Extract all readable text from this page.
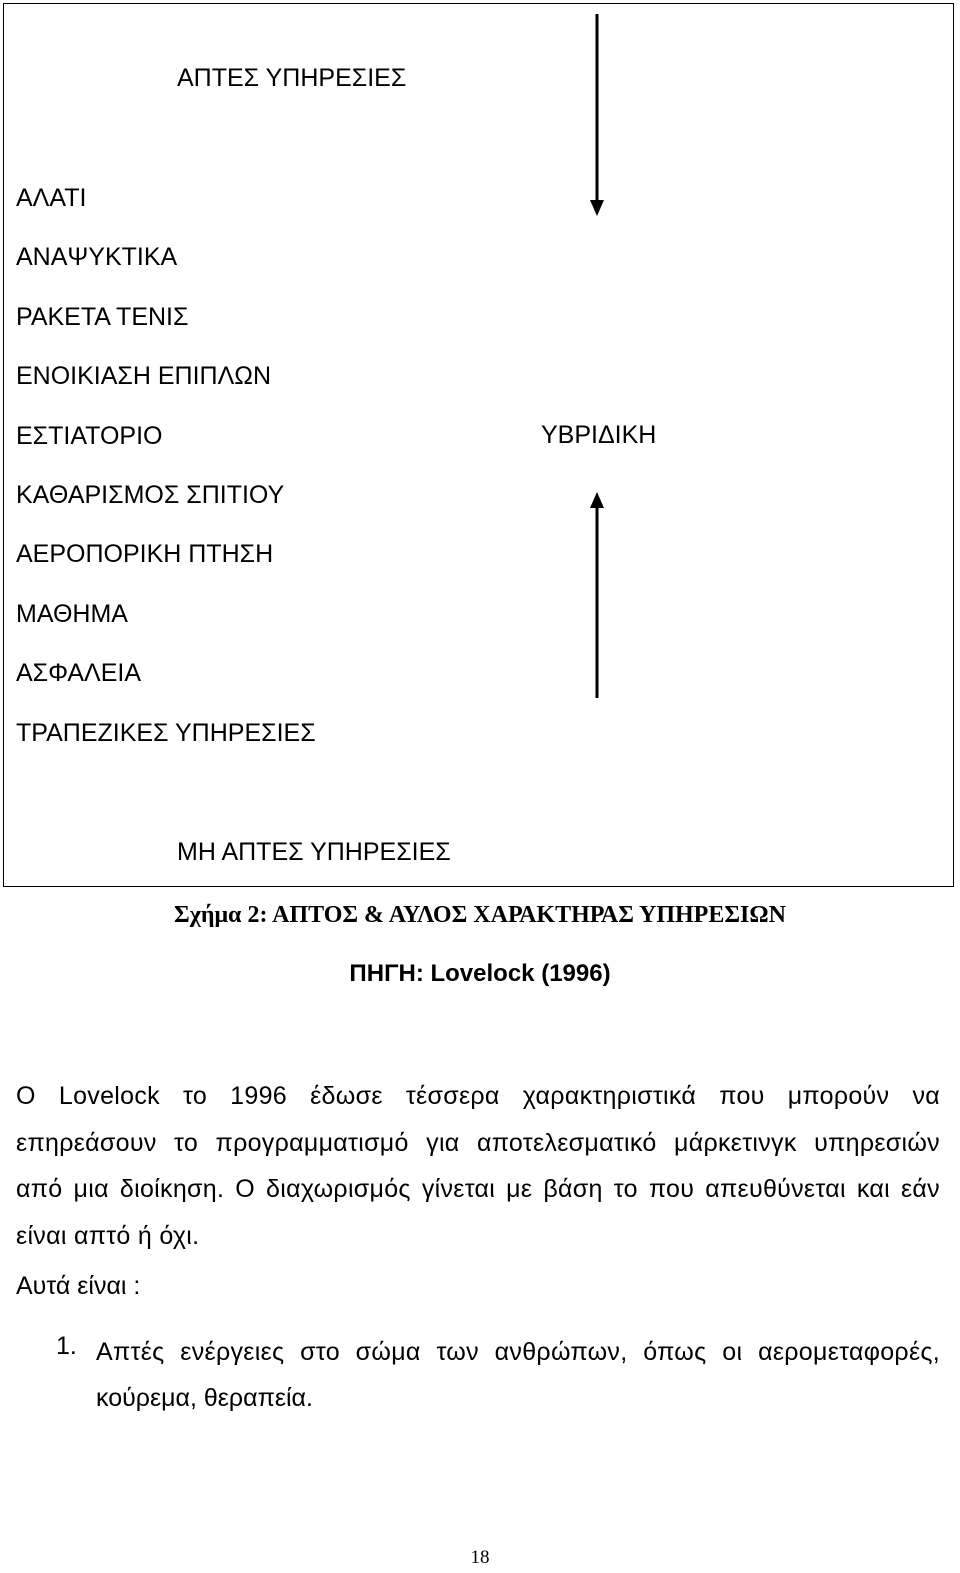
ΑΠΤΕΣ ΥΠΗΡΕΣΙΕΣ
ΑΛΑΤΙ
ΑΝΑΨΥΚΤΙΚΑ
ΡΑΚΕΤΑ ΤΕΝΙΣ
ΕΝΟΙΚΙΑΣΗ ΕΠΙΠΛΩΝ
ΕΣΤΙΑΤΟΡΙΟ
ΚΑΘΑΡΙΣΜΟΣ ΣΠΙΤΙΟΥ
ΑΕΡΟΠΟΡΙΚΗ ΠΤΗΣΗ
ΜΑΘΗΜΑ
ΑΣΦΑΛΕΙΑ
ΤΡΑΠΕΖΙΚΕΣ ΥΠΗΡΕΣΙΕΣ
ΥΒΡΙΔΙΚΗ
ΜΗ ΑΠΤΕΣ ΥΠΗΡΕΣΙΕΣ
Σχήμα 2: ΑΠΤΟΣ & ΑΥΛΟΣ ΧΑΡΑΚΤΗΡΑΣ ΥΠΗΡΕΣΙΩΝ
ΠΗΓΗ: Lovelock (1996)
Ο Lovelock το 1996 έδωσε τέσσερα χαρακτηριστικά που μπορούν να
επηρεάσουν το προγραμματισμό για αποτελεσματικό μάρκετινγκ υπηρεσιών
από μια διοίκηση. Ο διαχωρισμός γίνεται με βάση το που απευθύνεται και εάν
είναι απτό ή όχι.
Αυτά είναι :
1. Απτές ενέργειες στο σώμα των ανθρώπων, όπως οι αερομεταφορές,
κούρεμα, θεραπεία.
18
